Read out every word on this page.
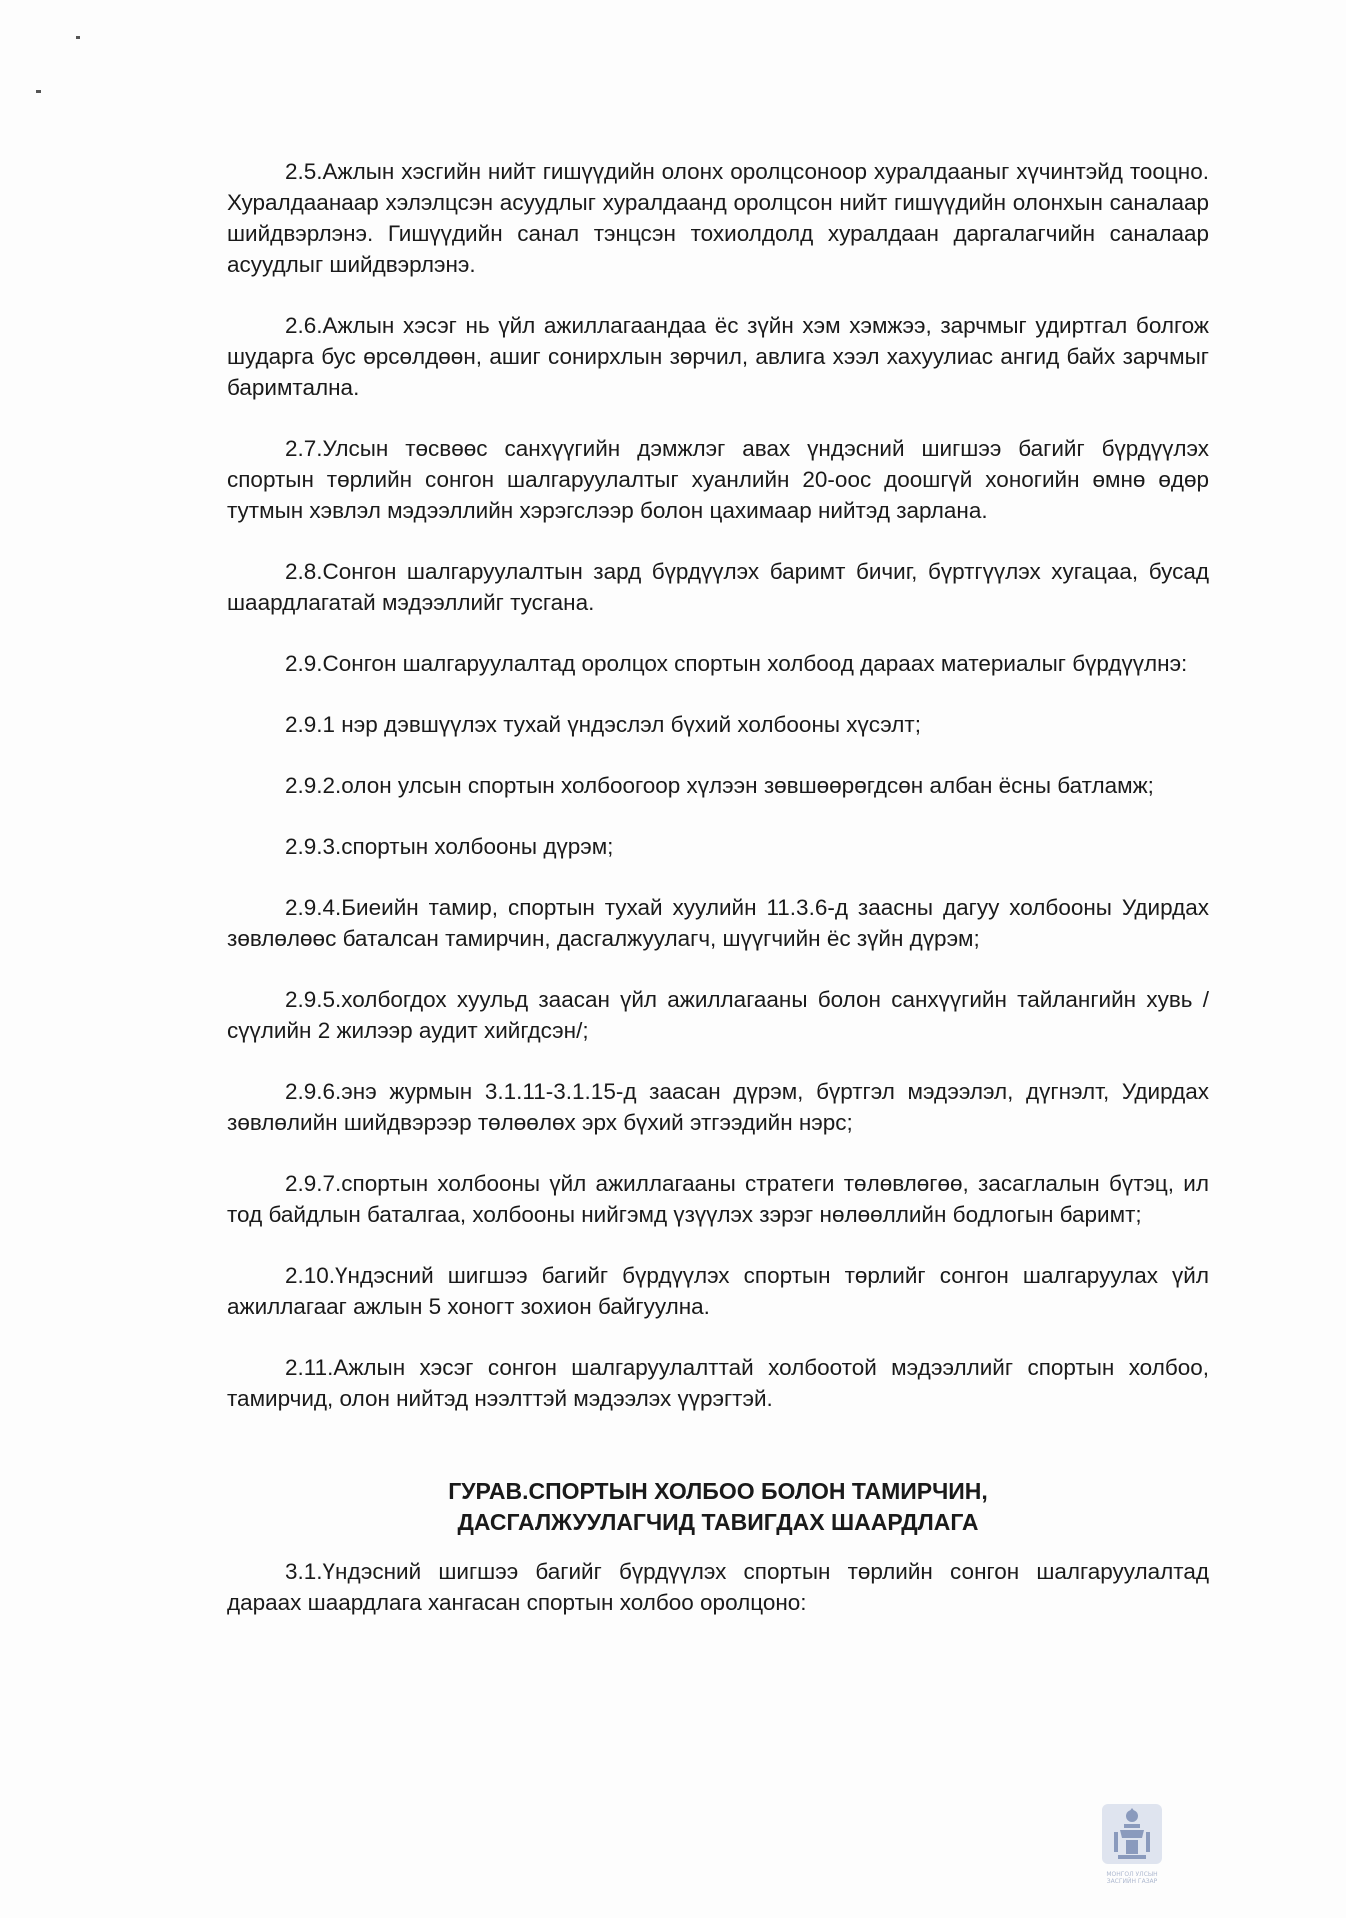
2.5.Ажлын хэсгийн нийт гишүүдийн олонх оролцсоноор хуралдааныг хүчинтэйд тооцно. Хуралдаанаар хэлэлцсэн асуудлыг хуралдаанд оролцсон нийт гишүүдийн олонхын саналаар шийдвэрлэнэ. Гишүүдийн санал тэнцсэн тохиолдолд хуралдаан даргалагчийн саналаар асуудлыг шийдвэрлэнэ.

2.6.Ажлын хэсэг нь үйл ажиллагаандаа ёс зүйн хэм хэмжээ, зарчмыг удиртгал болгож шударга бус өрсөлдөөн, ашиг сонирхлын зөрчил, авлига хээл хахуулиас ангид байх зарчмыг баримтална.

2.7.Улсын төсвөөс санхүүгийн дэмжлэг авах үндэсний шигшээ багийг бүрдүүлэх спортын төрлийн сонгон шалгаруулалтыг хуанлийн 20-оос доошгүй хоногийн өмнө өдөр тутмын хэвлэл мэдээллийн хэрэгслээр болон цахимаар нийтэд зарлана.

2.8.Сонгон шалгаруулалтын зард бүрдүүлэх баримт бичиг, бүртгүүлэх хугацаа, бусад шаардлагатай мэдээллийг тусгана.

2.9.Сонгон шалгаруулалтад оролцох спортын холбоод дараах материалыг бүрдүүлнэ:

2.9.1 нэр дэвшүүлэх тухай үндэслэл бүхий холбооны хүсэлт;

2.9.2.олон улсын спортын холбоогоор хүлээн зөвшөөрөгдсөн албан ёсны батламж;

2.9.3.спортын холбооны дүрэм;

2.9.4.Биеийн тамир, спортын тухай хуулийн 11.3.6-д заасны дагуу холбооны Удирдах зөвлөлөөс баталсан тамирчин, дасгалжуулагч, шүүгчийн ёс зүйн дүрэм;

2.9.5.холбогдох хуульд заасан үйл ажиллагааны болон санхүүгийн тайлангийн хувь /сүүлийн 2 жилээр аудит хийгдсэн/;

2.9.6.энэ журмын 3.1.11-3.1.15-д заасан дүрэм, бүртгэл мэдээлэл, дүгнэлт, Удирдах зөвлөлийн шийдвэрээр төлөөлөх эрх бүхий этгээдийн нэрс;

2.9.7.спортын холбооны үйл ажиллагааны стратеги төлөвлөгөө, засаглалын бүтэц, ил тод байдлын баталгаа, холбооны нийгэмд үзүүлэх зэрэг нөлөөллийн бодлогын баримт;

2.10.Үндэсний шигшээ багийг бүрдүүлэх спортын төрлийг сонгон шалгаруулах үйл ажиллагааг ажлын 5 хоногт зохион байгуулна.

2.11.Ажлын хэсэг сонгон шалгаруулалттай холбоотой мэдээллийг спортын холбоо, тамирчид, олон нийтэд нээлттэй мэдээлэх үүрэгтэй.

ГУРАВ.СПОРТЫН ХОЛБОО БОЛОН ТАМИРЧИН,

ДАСГАЛЖУУЛАГЧИД ТАВИГДАХ ШААРДЛАГА

3.1.Үндэсний шигшээ багийг бүрдүүлэх спортын төрлийн сонгон шалгаруулалтад дараах шаардлага хангасан спортын холбоо оролцоно:

МОНГОЛ УЛСЫН
ЗАСГИЙН ГАЗАР
